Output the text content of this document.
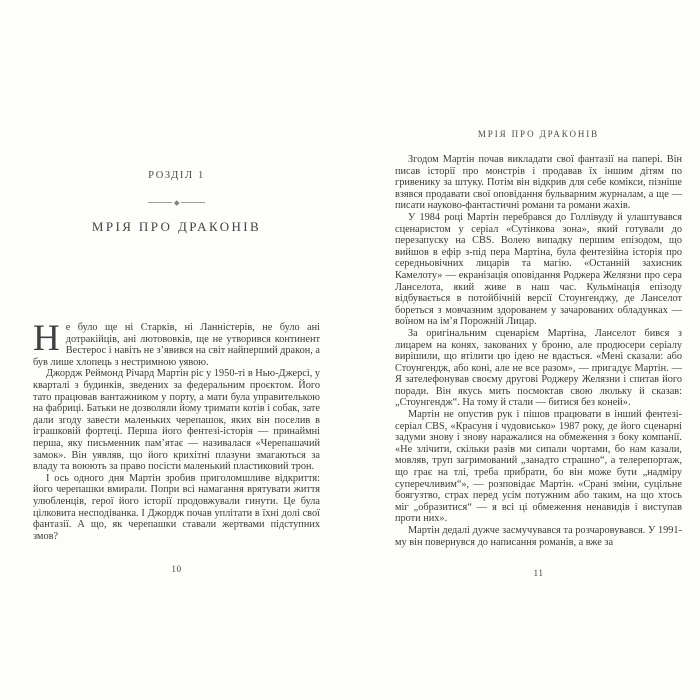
РОЗДІЛ 1
МРІЯ ПРО ДРАКОНІВ

Не було ще ні Старків, ні Ланністерів, не було ані дотракійців, ані лютововків, ще не утворився континент Вестерос і навіть не з’явився на світ найперший дракон, а був лише хлопець з нестримною уявою.

Джордж Реймонд Річард Мартін ріс у 1950-ті в Нью-Джерсі, у кварталі з будинків, зведених за федеральним проєктом. Його тато працював вантажником у порту, а мати була управителькою на фабриці. Батьки не дозволяли йому тримати котів і собак, зате дали згоду завести маленьких черепашок, яких він поселив в іграшковій фортеці. Перша його фентезі-історія — принаймні перша, яку письменник пам’ятає — називалася «Черепашачий замок». Він уявляв, що його крихітні плазуни змагаються за владу та воюють за право посісти маленький пластиковий трон.

І ось одного дня Мартін зробив приголомшливе відкриття: його черепашки вмирали. Попри всі намагання врятувати життя улюбленців, герої його історії продовжували гинути. Це була цілковита несподіванка. І Джордж почав уплітати в їхні долі свої фантазії. А що, як черепашки ставали жертвами підступних змов?

10
МРІЯ ПРО ДРАКОНІВ

Згодом Мартін почав викладати свої фантазії на папері. Він писав історії про монстрів і продавав їх іншим дітям по гривенику за штуку. Потім він відкрив для себе комікси, пізніше взявся продавати свої оповідання бульварним журналам, а ще — писати науково-фантастичні романи та романи жахів.

У 1984 році Мартін перебрався до Голлівуду й улаштувався сценаристом у серіал «Сутінкова зона», який готували до перезапуску на CBS. Волею випадку першим епізодом, що вийшов в ефір з-під пера Мартіна, була фентезійна історія про середньовічних лицарів та магію. «Останній захисник Камелоту» — екранізація оповідання Роджера Желязни про сера Ланселота, який живе в наш час. Кульмінація епізоду відбувається в потойбічній версії Стоунгенджу, де Ланселот бореться з мовчазним здорованем у зачарованих обладунках — воїном на ім’я Порожній Лицар.

За оригінальним сценарієм Мартіна, Ланселот бився з лицарем на конях, закованих у броню, але продюсери серіалу вирішили, що втілити цю ідею не вдасться. «Мені сказали: або Стоунгендж, або коні, але не все разом», — пригадує Мартін. — Я зателефонував своєму другові Роджеру Желязни і спитав його поради. Він якусь мить посмоктав свою люльку й сказав: „Стоунгендж“. На тому й стали — битися без коней».

Мартін не опустив рук і пішов працювати в інший фентезі-серіал CBS, «Красуня і чудовисько» 1987 року, де його сценарні задуми знову і знову наражалися на обмеження з боку компанії. «Не злічити, скільки разів ми сипали чортами, бо нам казали, мовляв, труп загримований „занадто страшно“, а телерепортаж, що грає на тлі, треба прибрати, бо він може бути „надміру суперечливим“», — розповідає Мартін. «Срані зміни, суцільне боягузтво, страх перед усім потужним або таким, на що хтось міг „образитися“ — я всі ці обмеження ненавидів і виступав проти них».

Мартін дедалі дужче засмучувався та розчаровувався. У 1991-му він повернувся до написання романів, а вже за

11
